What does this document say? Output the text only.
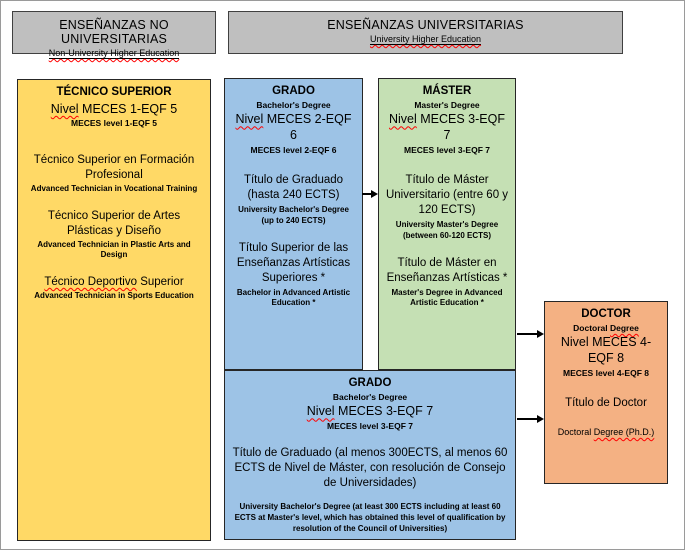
ENSEÑANZAS NO UNIVERSITARIAS
Non-University Higher Education
ENSEÑANZAS UNIVERSITARIAS
University Higher Education
TÉCNICO SUPERIOR
Nivel MECES 1-EQF 5
MECES level 1-EQF 5
Técnico Superior en Formación Profesional
Advanced Technician in Vocational Training
Técnico Superior de Artes Plásticas y Diseño
Advanced Technician in Plastic Arts and Design
Técnico Deportivo Superior
Advanced Technician in Sports Education
GRADO
Bachelor's Degree
Nivel MECES 2-EQF 6
MECES level 2-EQF 6
Título de Graduado (hasta 240 ECTS)
University Bachelor's Degree (up to 240 ECTS)
Título Superior de las Enseñanzas Artísticas Superiores *
Bachelor in Advanced Artistic Education *
MÁSTER
Master's Degree
Nivel MECES 3-EQF 7
MECES level 3-EQF 7
Título de Máster Universitario (entre 60 y 120 ECTS)
University Master's Degree (between 60-120 ECTS)
Título de Máster en Enseñanzas Artísticas *
Master's Degree in Advanced Artistic Education *
GRADO
Bachelor's Degree
Nivel MECES 3-EQF 7
MECES level 3-EQF 7
Título de Graduado (al menos 300ECTS, al menos 60 ECTS de Nivel de Máster, con resolución de Consejo de Universidades)
University Bachelor's Degree (at least 300 ECTS including at least 60 ECTS at Master's level, which has obtained this level of qualification by resolution of the Council of Universities)
DOCTOR
Doctoral Degree
Nivel MECES 4-EQF 8
MECES level 4-EQF 8
Título de Doctor
Doctoral Degree (Ph.D.)
